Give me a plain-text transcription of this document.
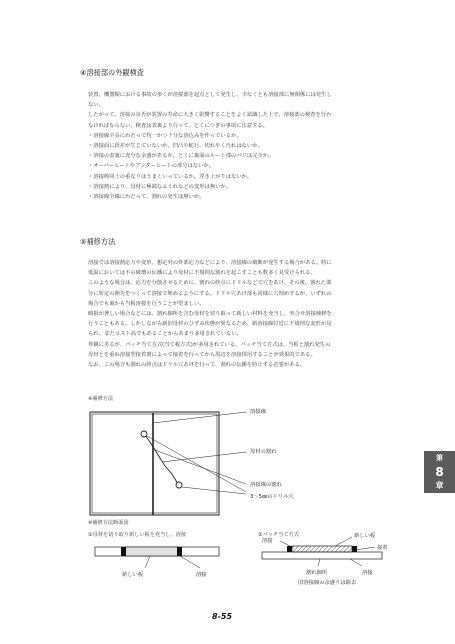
④溶接部の外観検査
装置、機器類における事故の多くが溶接部を起点として発生し、少なくとも溶接部に無関係には発生し
ない。
したがって、溶接の良否が装置の寿命に大きく影響することをよく認識した上で、溶接部の検査を行わ
なければならない。検査は表裏より行って、とくにつぎの事項に注意する。
・溶接線全長にわたって均一かつ十分な溶込みを作っているか。
・溶接面に段差が生じていないか。凹凸や蛇行、切れやく汚れはないか。
・溶接の表裏に充分な余盛があるか。とくに裏面のルート部のバリは完全か。
・オーバーヒートやアンダーヒートの部分はないか。
・溶接棒同士の重なりはうまくいっているか。浮き上がりはないか。
・溶接熱により、母材に極端なふくれなどの変形は無いか。
・溶接線全線にわたって、割れの発生は無いか。
⑤補修方法
溶接では溶接熱応力や変形、想定外の外部応力などにより、溶接線の破断が発生する場合がある。特に
低温においては不の破壊の伝播により母材に不規則な割れを起こすことも数多く見受けられる。
このような場合は、応力を分散させるために、割れの終点にドリルなどで穴をあけ、その後、割れた部
分に所定の開先をつくって溶接で埋めるようにする。ドリル穴あけ部も同様に穴埋めするが、いずれの
場合でも裏から当板溶接を行うことが望ましい。
破損が著しい場合などには、割れ個所を含む母材を切り取って新しい材料を充当し、突合せ溶接補修を
行うこともある。しかしながら新旧母材のひずみ状態が異なるため、新溶接線付近に不規則な変形が見
られ、またコスト高でもあることからあまり多用されていない。
外観に劣るが、パッチ当て方式(当て板方式)が多用されている。パッチ当て方式は、当板と割れ発生の
母材とを重ね溶接型接着剤によって接着を行ってから周辺を溶接併用することが効果的である。
なお、この場合も割れの終点はドリル穴あけを行って、割れの伝播を防止する必要がある。
※補修方法
溶接線
母材の割れ
溶接線の割れ
3～5㎜のドリル穴
新しい板	溶接
溶接
新しい板
接着
割れ個所	溶接
旧溶接線の余盛りは除去
※補修方法断面図
①母材を切り取り新しい板を充当し、溶接	②パッチ当て方式
第
8
章
8-55
